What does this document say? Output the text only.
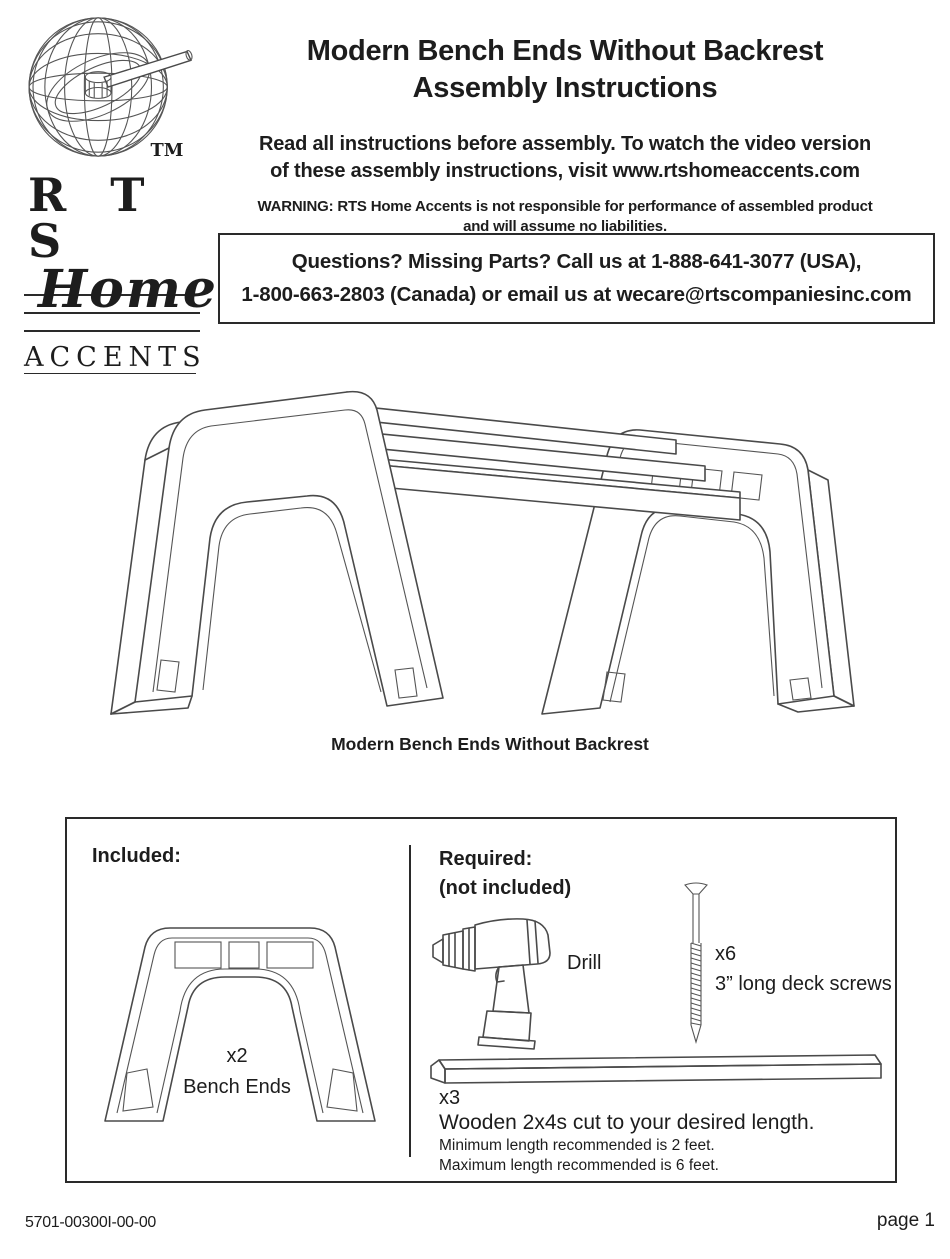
TM
R T S
Home
ACCENTS
Modern Bench Ends Without Backrest
Assembly Instructions
Read all instructions before assembly. To watch the video version
of these assembly instructions, visit www.rtshomeaccents.com
WARNING: RTS Home Accents is not responsible for performance of assembled product
and will assume no liabilities.
Questions? Missing Parts? Call us at 1-888-641-3077 (USA),
1-800-663-2803 (Canada) or email us at wecare@rtscompaniesinc.com
Modern Bench Ends Without Backrest
Included:
x2
Bench Ends
Required:
(not included)
Drill	x6
3” long deck screws
x3
Wooden 2x4s cut to your desired length.
Minimum length recommended is 2 feet.
Maximum length recommended is 6 feet.
5701-00300I-00-00	page 1
